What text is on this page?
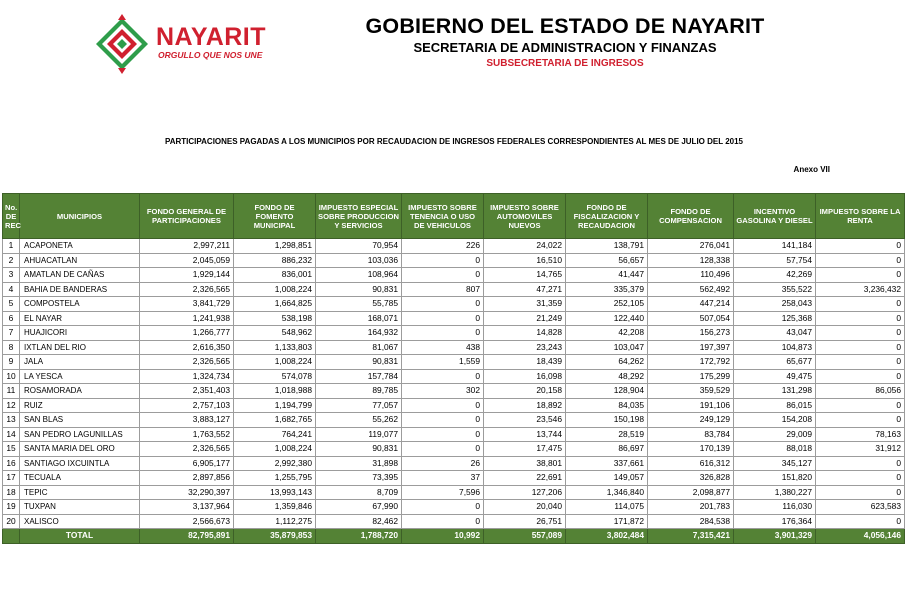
NAYARIT
ORGULLO QUE NOS UNE
GOBIERNO DEL ESTADO DE NAYARIT
SECRETARIA DE ADMINISTRACION Y FINANZAS
SUBSECRETARIA DE INGRESOS
PARTICIPACIONES PAGADAS A LOS MUNICIPIOS POR RECAUDACION DE INGRESOS FEDERALES CORRESPONDIENTES AL MES DE JULIO DEL 2015
Anexo VII
No.
DE
REC	MUNICIPIOS	FONDO GENERAL DE PARTICIPACIONES	FONDO DE FOMENTO MUNICIPAL	IMPUESTO ESPECIAL SOBRE PRODUCCION Y SERVICIOS	IMPUESTO SOBRE TENENCIA O USO DE VEHICULOS	IMPUESTO SOBRE AUTOMOVILES NUEVOS	FONDO DE FISCALIZACION Y RECAUDACION	FONDO DE COMPENSACION	INCENTIVO GASOLINA Y DIESEL	IMPUESTO SOBRE LA RENTA
1	ACAPONETA	2,997,211	1,298,851	70,954	226	24,022	138,791	276,041	141,184	0
2	AHUACATLAN	2,045,059	886,232	103,036	0	16,510	56,657	128,338	57,754	0
3	AMATLAN DE CAÑAS	1,929,144	836,001	108,964	0	14,765	41,447	110,496	42,269	0
4	BAHIA DE BANDERAS	2,326,565	1,008,224	90,831	807	47,271	335,379	562,492	355,522	3,236,432
5	COMPOSTELA	3,841,729	1,664,825	55,785	0	31,359	252,105	447,214	258,043	0
6	EL NAYAR	1,241,938	538,198	168,071	0	21,249	122,440	507,054	125,368	0
7	HUAJICORI	1,266,777	548,962	164,932	0	14,828	42,208	156,273	43,047	0
8	IXTLAN DEL RIO	2,616,350	1,133,803	81,067	438	23,243	103,047	197,397	104,873	0
9	JALA	2,326,565	1,008,224	90,831	1,559	18,439	64,262	172,792	65,677	0
10	LA YESCA	1,324,734	574,078	157,784	0	16,098	48,292	175,299	49,475	0
11	ROSAMORADA	2,351,403	1,018,988	89,785	302	20,158	128,904	359,529	131,298	86,056
12	RUIZ	2,757,103	1,194,799	77,057	0	18,892	84,035	191,106	86,015	0
13	SAN BLAS	3,883,127	1,682,765	55,262	0	23,546	150,198	249,129	154,208	0
14	SAN PEDRO LAGUNILLAS	1,763,552	764,241	119,077	0	13,744	28,519	83,784	29,009	78,163
15	SANTA MARIA DEL ORO	2,326,565	1,008,224	90,831	0	17,475	86,697	170,139	88,018	31,912
16	SANTIAGO IXCUINTLA	6,905,177	2,992,380	31,898	26	38,801	337,661	616,312	345,127	0
17	TECUALA	2,897,856	1,255,795	73,395	37	22,691	149,057	326,828	151,820	0
18	TEPIC	32,290,397	13,993,143	8,709	7,596	127,206	1,346,840	2,098,877	1,380,227	0
19	TUXPAN	3,137,964	1,359,846	67,990	0	20,040	114,075	201,783	116,030	623,583
20	XALISCO	2,566,673	1,112,275	82,462	0	26,751	171,872	284,538	176,364	0
	TOTAL	82,795,891	35,879,853	1,788,720	10,992	557,089	3,802,484	7,315,421	3,901,329	4,056,146
